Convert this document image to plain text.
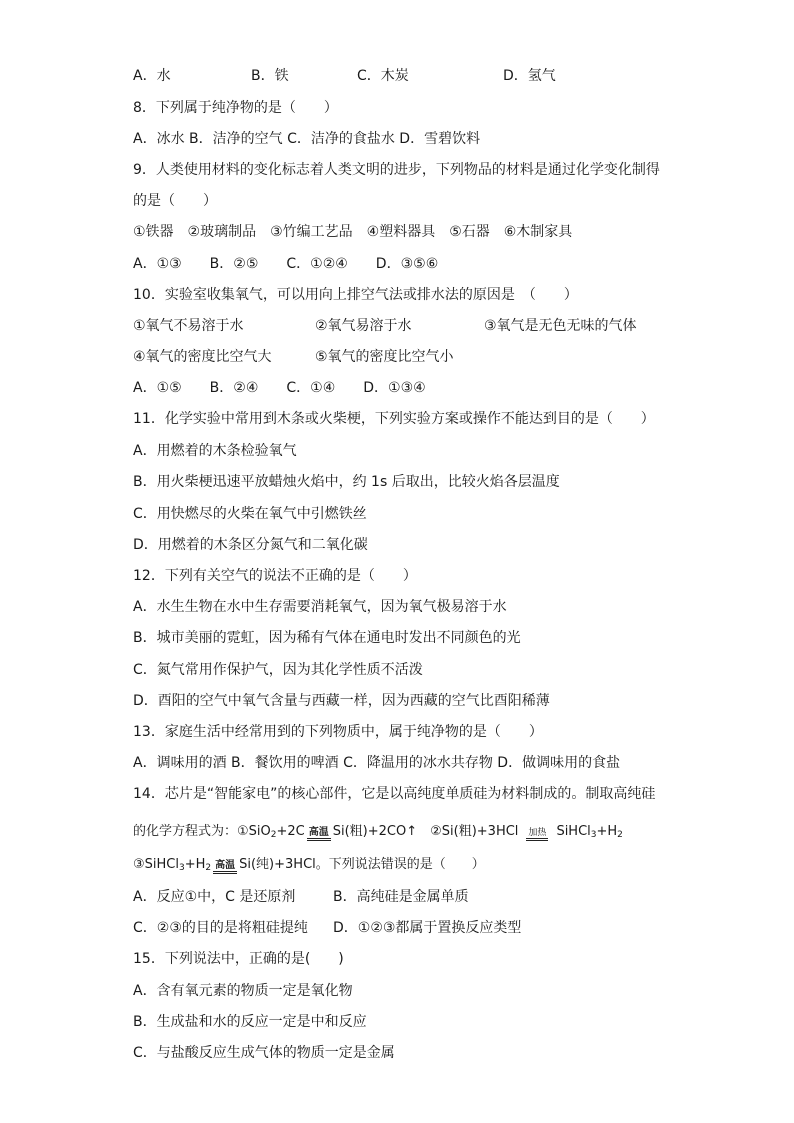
A．水	B．铁	C．木炭	D．氢气
8．下列属于纯净物的是（　　）
A．冰水 B．洁净的空气 C．洁净的食盐水 D．雪碧饮料
9．人类使用材料的变化标志着人类文明的进步，下列物品的材料是通过化学变化制得
的是（　　）
①铁器　②玻璃制品　③竹编工艺品　④塑料器具　⑤石器　⑥木制家具
A．①③　　B．②⑤　　C．①②④　　D．③⑤⑥
10．实验室收集氧气，可以用向上排空气法或排水法的原因是　（　　）
①氧气不易溶于水	②氧气易溶于水	③氧气是无色无味的气体
④氧气的密度比空气大	⑤氧气的密度比空气小
A．①⑤　　B．②④　　C．①④　　D．①③④
11．化学实验中常用到木条或火柴梗，下列实验方案或操作不能达到目的是（　　）
A．用燃着的木条检验氧气
B．用火柴梗迅速平放蜡烛火焰中，约 1s 后取出，比较火焰各层温度
C．用快燃尽的火柴在氧气中引燃铁丝
D．用燃着的木条区分氮气和二氧化碳
12．下列有关空气的说法不正确的是（　　）
A．水生生物在水中生存需要消耗氧气，因为氧气极易溶于水
B．城市美丽的霓虹，因为稀有气体在通电时发出不同颜色的光
C．氮气常用作保护气，因为其化学性质不活泼
D．酉阳的空气中氧气含量与西藏一样，因为西藏的空气比酉阳稀薄
13．家庭生活中经常用到的下列物质中，属于纯净物的是（　　）
A．调味用的酒 B．餐饮用的啤酒 C．降温用的冰水共存物 D．做调味用的食盐
14．芯片是“智能家电”的核心部件，它是以高纯度单质硅为材料制成的。制取高纯硅
的化学方程式为：①SiO$_2$+2C 高温 Si(粗)+2CO↑　②Si(粗)+3HCl 加热 $SiHCl_3+H_2$
$③SiHCl_3+H_2$ 高温 Si(纯)+3HCl。下列说法错误的是（　　）
A．反应①中，C 是还原剂	B．高纯硅是金属单质
C．②③的目的是将粗硅提纯 D．①②③都属于置换反应类型
15．下列说法中，正确的是(　　)
A．含有氧元素的物质一定是氧化物
B．生成盐和水的反应一定是中和反应
C．与盐酸反应生成气体的物质一定是金属
